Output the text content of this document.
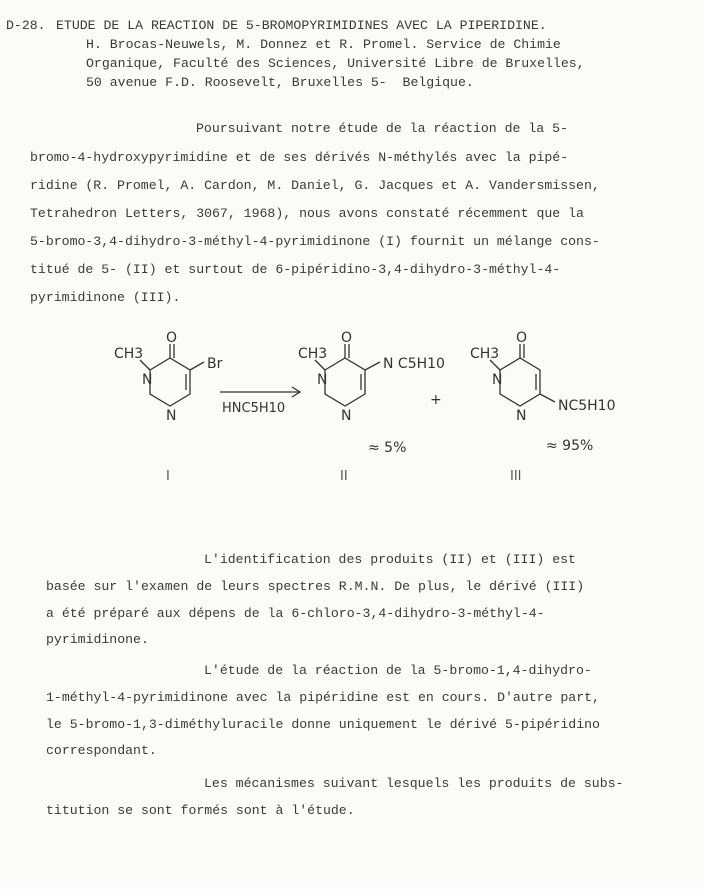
D-28. ETUDE DE LA REACTION DE 5-BROMOPYRIMIDINES AVEC LA PIPERIDINE.
H. Brocas-Neuwels, M. Donnez et R. Promel. Service de Chimie
Organique, Faculté des Sciences, Université Libre de Bruxelles,
50 avenue F.D. Roosevelt, Bruxelles 5-  Belgique.
Poursuivant notre étude de la réaction de la 5-
bromo-4-hydroxypyrimidine et de ses dérivés N-méthylés avec la pipé-
ridine (R. Promel, A. Cardon, M. Daniel, G. Jacques et A. Vandersmissen,
Tetrahedron Letters, 3067, 1968), nous avons constaté récemment que la
5-bromo-3,4-dihydro-3-méthyl-4-pyrimidinone (I) fournit un mélange cons-
titué de 5- (II) et surtout de 6-pipéridino-3,4-dihydro-3-méthyl-4-
pyrimidinone (III).
CH3
O
N
N
Br
HNC5H10
CH3
O
N
N
N C5H10
+
≈ 5%
CH3
O
N
N
NC5H10
≈ 95%
I	II	III
L'identification des produits (II) et (III) est
basée sur l'examen de leurs spectres R.M.N. De plus, le dérivé (III)
a été préparé aux dépens de la 6-chloro-3,4-dihydro-3-méthyl-4-
pyrimidinone.
L'étude de la réaction de la 5-bromo-1,4-dihydro-
1-méthyl-4-pyrimidinone avec la pipéridine est en cours. D'autre part,
le 5-bromo-1,3-diméthyluracile donne uniquement le dérivé 5-pipéridino
correspondant.
Les mécanismes suivant lesquels les produits de subs-
titution se sont formés sont à l'étude.
